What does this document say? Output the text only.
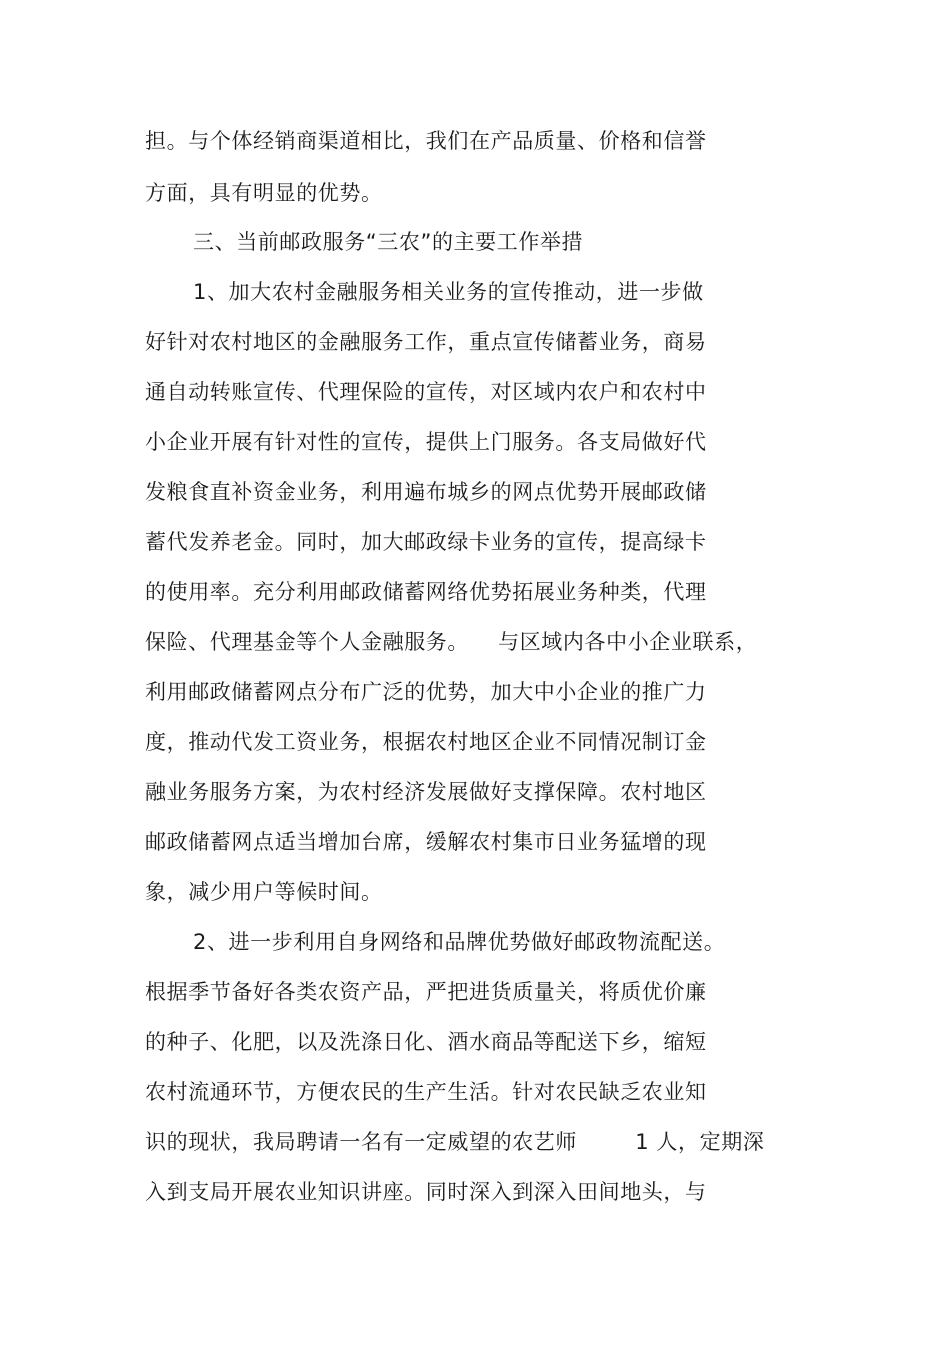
担。与个体经销商渠道相比，我们在产品质量、价格和信誉
方面，具有明显的优势。
三、当前邮政服务“三农”的主要工作举措
1、加大农村金融服务相关业务的宣传推动，进一步做
好针对农村地区的金融服务工作，重点宣传储蓄业务，商易
通自动转账宣传、代理保险的宣传，对区域内农户和农村中
小企业开展有针对性的宣传，提供上门服务。各支局做好代
发粮食直补资金业务，利用遍布城乡的网点优势开展邮政储
蓄代发养老金。同时，加大邮政绿卡业务的宣传，提高绿卡
的使用率。充分利用邮政储蓄网络优势拓展业务种类，代理
保险、代理基金等个人金融服务。    与区域内各中小企业联系，
利用邮政储蓄网点分布广泛的优势，加大中小企业的推广力
度，推动代发工资业务，根据农村地区企业不同情况制订金
融业务服务方案，为农村经济发展做好支撑保障。农村地区
邮政储蓄网点适当增加台席，缓解农村集市日业务猛增的现
象，减少用户等候时间。
2、进一步利用自身网络和品牌优势做好邮政物流配送。
根据季节备好各类农资产品，严把进货质量关，将质优价廉
的种子、化肥，以及洗涤日化、酒水商品等配送下乡，缩短
农村流通环节，方便农民的生产生活。针对农民缺乏农业知
识的现状，我局聘请一名有一定威望的农艺师        1 人，定期深
入到支局开展农业知识讲座。同时深入到深入田间地头，与
